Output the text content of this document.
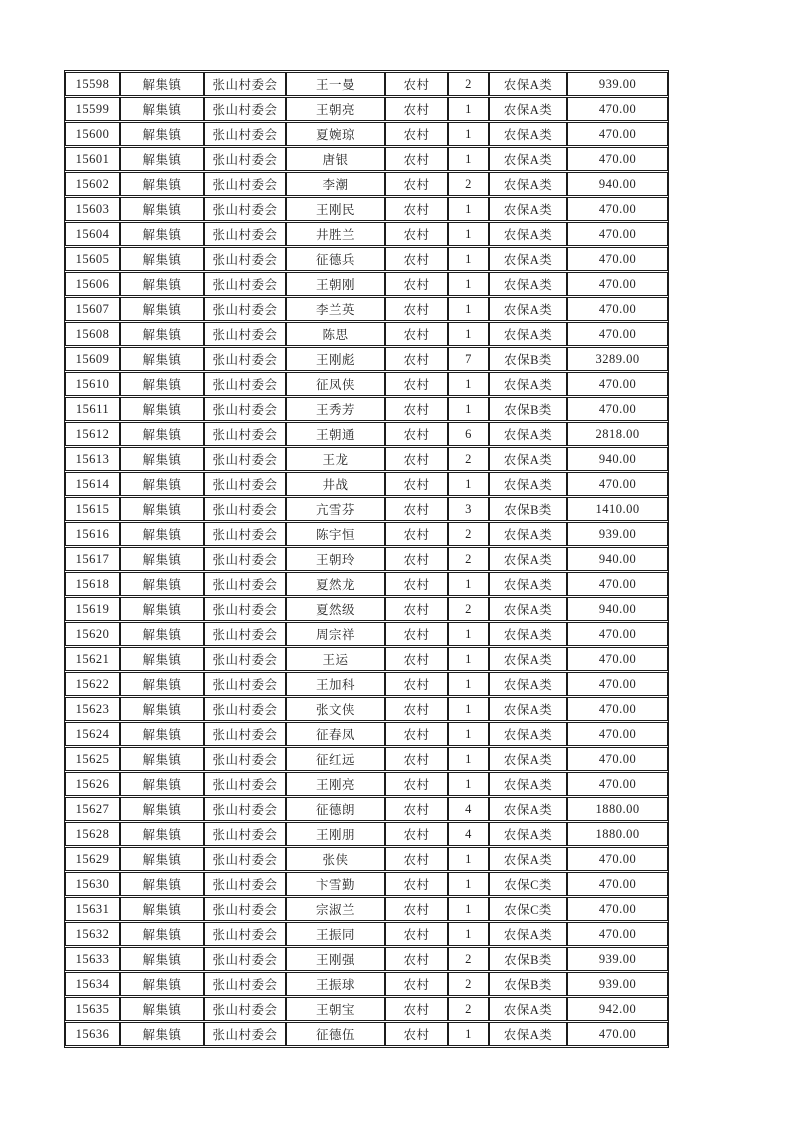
15598	解集镇	张山村委会	王一曼	农村	2	农保A类	939.00
15599	解集镇	张山村委会	王朝亮	农村	1	农保A类	470.00
15600	解集镇	张山村委会	夏婉琼	农村	1	农保A类	470.00
15601	解集镇	张山村委会	唐银	农村	1	农保A类	470.00
15602	解集镇	张山村委会	李潮	农村	2	农保A类	940.00
15603	解集镇	张山村委会	王刚民	农村	1	农保A类	470.00
15604	解集镇	张山村委会	井胜兰	农村	1	农保A类	470.00
15605	解集镇	张山村委会	征德兵	农村	1	农保A类	470.00
15606	解集镇	张山村委会	王朝刚	农村	1	农保A类	470.00
15607	解集镇	张山村委会	李兰英	农村	1	农保A类	470.00
15608	解集镇	张山村委会	陈思	农村	1	农保A类	470.00
15609	解集镇	张山村委会	王刚彪	农村	7	农保B类	3289.00
15610	解集镇	张山村委会	征凤侠	农村	1	农保A类	470.00
15611	解集镇	张山村委会	王秀芳	农村	1	农保B类	470.00
15612	解集镇	张山村委会	王朝通	农村	6	农保A类	2818.00
15613	解集镇	张山村委会	王龙	农村	2	农保A类	940.00
15614	解集镇	张山村委会	井战	农村	1	农保A类	470.00
15615	解集镇	张山村委会	亢雪芬	农村	3	农保B类	1410.00
15616	解集镇	张山村委会	陈宇恒	农村	2	农保A类	939.00
15617	解集镇	张山村委会	王朝玲	农村	2	农保A类	940.00
15618	解集镇	张山村委会	夏然龙	农村	1	农保A类	470.00
15619	解集镇	张山村委会	夏然级	农村	2	农保A类	940.00
15620	解集镇	张山村委会	周宗祥	农村	1	农保A类	470.00
15621	解集镇	张山村委会	王运	农村	1	农保A类	470.00
15622	解集镇	张山村委会	王加科	农村	1	农保A类	470.00
15623	解集镇	张山村委会	张文侠	农村	1	农保A类	470.00
15624	解集镇	张山村委会	征春凤	农村	1	农保A类	470.00
15625	解集镇	张山村委会	征红远	农村	1	农保A类	470.00
15626	解集镇	张山村委会	王刚亮	农村	1	农保A类	470.00
15627	解集镇	张山村委会	征德朗	农村	4	农保A类	1880.00
15628	解集镇	张山村委会	王刚朋	农村	4	农保A类	1880.00
15629	解集镇	张山村委会	张侠	农村	1	农保A类	470.00
15630	解集镇	张山村委会	卞雪勤	农村	1	农保C类	470.00
15631	解集镇	张山村委会	宗淑兰	农村	1	农保C类	470.00
15632	解集镇	张山村委会	王振同	农村	1	农保A类	470.00
15633	解集镇	张山村委会	王刚强	农村	2	农保B类	939.00
15634	解集镇	张山村委会	王振球	农村	2	农保B类	939.00
15635	解集镇	张山村委会	王朝宝	农村	2	农保A类	942.00
15636	解集镇	张山村委会	征德伍	农村	1	农保A类	470.00
